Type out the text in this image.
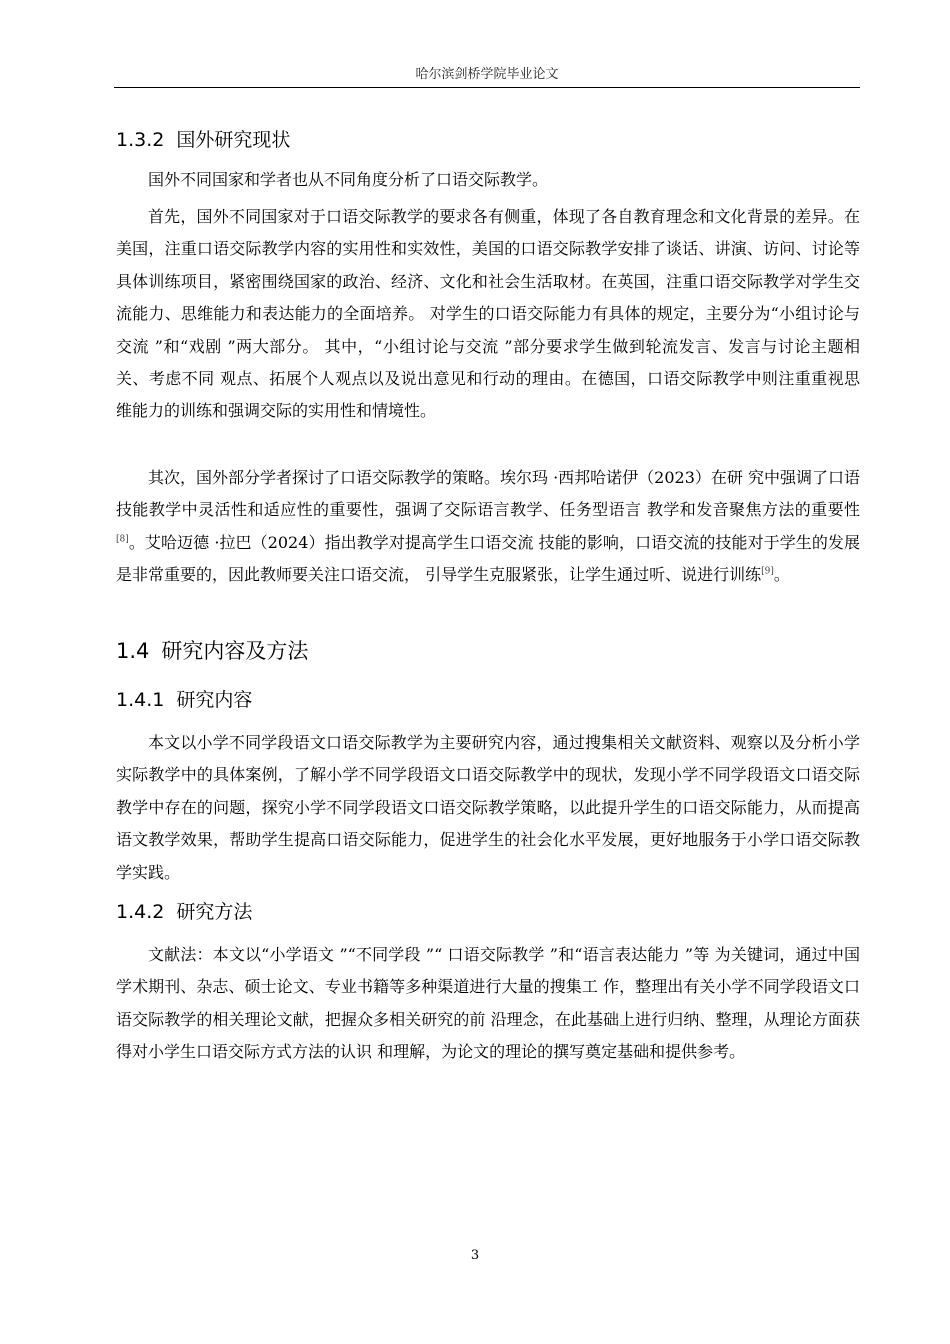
哈尔滨剑桥学院毕业论文
1.3.2 国外研究现状
国外不同国家和学者也从不同角度分析了口语交际教学。
首先，国外不同国家对于口语交际教学的要求各有侧重，体现了各自教育理念和文化背景的差异。在美国，注重口语交际教学内容的实用性和实效性，美国的口语交际教学安排了谈话、讲演、访问、讨论等具体训练项目，紧密围绕国家的政治、经济、文化和社会生活取材。在英国，注重口语交际教学对学生交流能力、思维能力和表达能力的全面培养。 对学生的口语交际能力有具体的规定，主要分为“小组讨论与交流 ”和“戏剧 ”两大部分。 其中，“小组讨论与交流 ”部分要求学生做到轮流发言、发言与讨论主题相关、考虑不同 观点、拓展个人观点以及说出意见和行动的理由。在德国，口语交际教学中则注重重视思 维能力的训练和强调交际的实用性和情境性。
其次，国外部分学者探讨了口语交际教学的策略。埃尔玛 ·西邦哈诺伊（2023）在研 究中强调了口语技能教学中灵活性和适应性的重要性，强调了交际语言教学、任务型语言 教学和发音聚焦方法的重要性[8]。艾哈迈德 ·拉巴（2024）指出教学对提高学生口语交流 技能的影响，口语交流的技能对于学生的发展是非常重要的，因此教师要关注口语交流， 引导学生克服紧张，让学生通过听、说进行训练[9]。
1.4 研究内容及方法
1.4.1 研究内容
本文以小学不同学段语文口语交际教学为主要研究内容，通过搜集相关文献资料、观察以及分析小学实际教学中的具体案例，了解小学不同学段语文口语交际教学中的现状，发现小学不同学段语文口语交际教学中存在的问题，探究小学不同学段语文口语交际教学策略，以此提升学生的口语交际能力，从而提高语文教学效果，帮助学生提高口语交际能力，促进学生的社会化水平发展，更好地服务于小学口语交际教学实践。
1.4.2 研究方法
文献法：本文以“小学语文 ”“不同学段 ”“ 口语交际教学 ”和“语言表达能力 ”等 为关键词，通过中国学术期刊、杂志、硕士论文、专业书籍等多种渠道进行大量的搜集工 作，整理出有关小学不同学段语文口语交际教学的相关理论文献，把握众多相关研究的前 沿理念，在此基础上进行归纳、整理，从理论方面获得对小学生口语交际方式方法的认识 和理解，为论文的理论的撰写奠定基础和提供参考。
3
